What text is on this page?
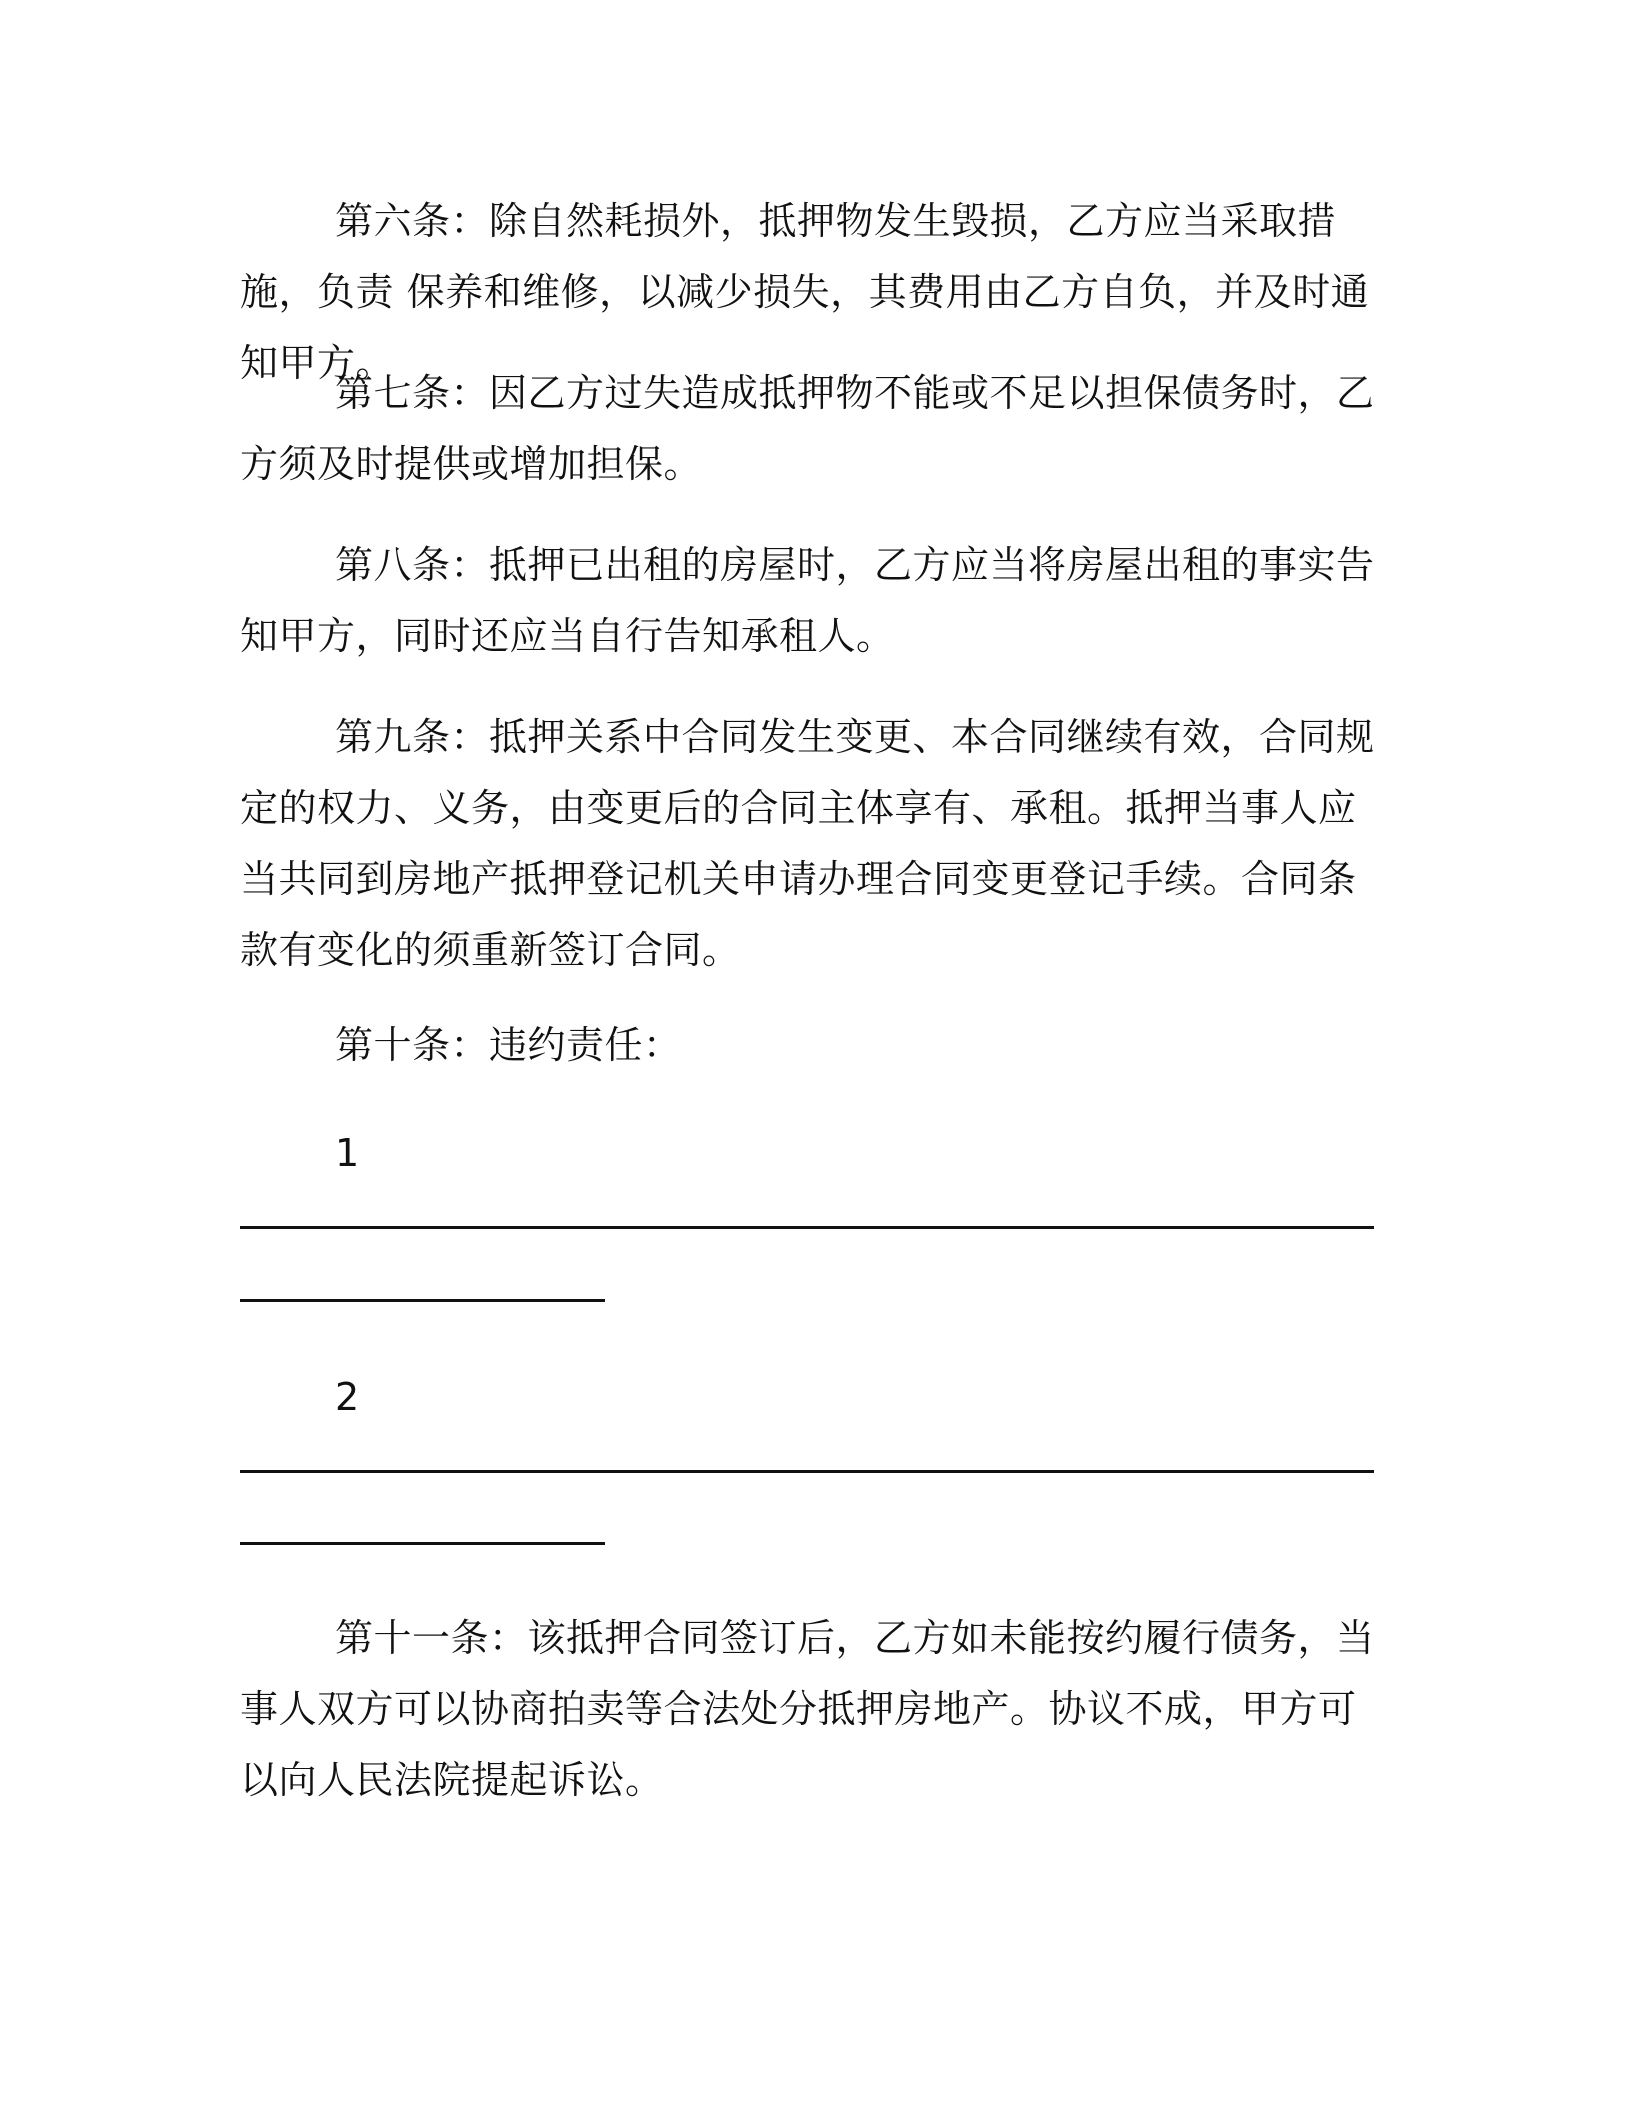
第六条：除自然耗损外，抵押物发生毁损，乙方应当采取措施，负责 保养和维修，以减少损失，其费用由乙方自负，并及时通知甲方。

第七条：因乙方过失造成抵押物不能或不足以担保债务时，乙方须及时提供或增加担保。

第八条：抵押已出租的房屋时，乙方应当将房屋出租的事实告知甲方，同时还应当自行告知承租人。

第九条：抵押关系中合同发生变更、本合同继续有效，合同规定的权力、义务，由变更后的合同主体享有、承租。抵押当事人应当共同到房地产抵押登记机关申请办理合同变更登记手续。合同条款有变化的须重新签订合同。

第十条：违约责任：

1

2

第十一条：该抵押合同签订后，乙方如未能按约履行债务，当事人双方可以协商拍卖等合法处分抵押房地产。协议不成，甲方可以向人民法院提起诉讼。
